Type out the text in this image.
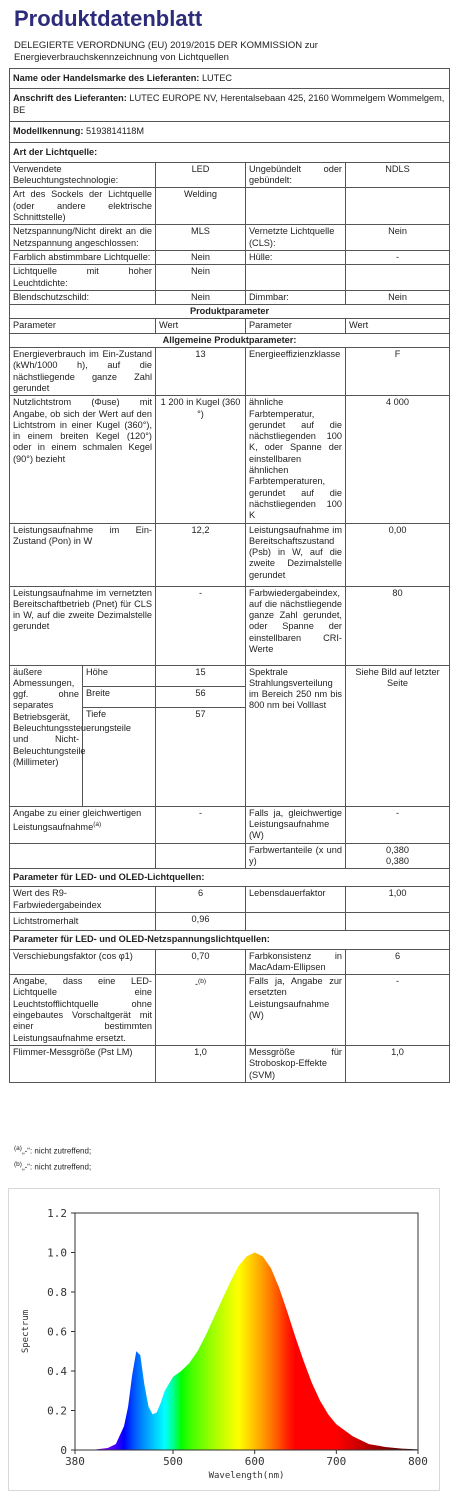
Produktdatenblatt
DELEGIERTE VERORDNUNG (EU) 2019/2015 DER KOMMISSION zur Energieverbrauchskennzeichnung von Lichtquellen
Name oder Handelsmarke des Lieferanten: LUTEC				
Anschrift des Lieferanten: LUTEC EUROPE NV, Herentalsebaan 425, 2160 Wommelgem Wommelgem, BE				
Modellkennung: 5193814118M				
Art der Lichtquelle:				
Verwendete Beleuchtungstechnologie:		LED	Ungebündelt oder gebündelt:	NDLS
Art des Sockels der Lichtquelle (oder andere elektrische Schnittstelle)		Welding		
Netzspannung/Nicht direkt an die Netzspannung angeschlossen:		MLS	Vernetzte Lichtquelle (CLS):	Nein
Farblich abstimmbare Lichtquelle:		Nein	Hülle:	-
Lichtquelle mit hoher Leuchtdichte:		Nein		
Blendschutzschild:		Nein	Dimmbar:	Nein
Produktparameter				
Parameter		Wert	Parameter	Wert
Allgemeine Produktparameter:				
Energieverbrauch im Ein-Zustand (kWh/1000 h), auf die nächstliegende ganze Zahl gerundet		13	Energieeffizienzklasse	F
Nutzlichtstrom (Φuse) mit Angabe, ob sich der Wert auf den Lichtstrom in einer Kugel (360°), in einem breiten Kegel (120°) oder in einem schmalen Kegel (90°) bezieht		1 200 in Kugel (360 °)	ähnliche Farbtemperatur, gerundet auf die nächstliegenden 100 K, oder Spanne der einstellbaren ähnlichen Farbtemperaturen, gerundet auf die nächstliegenden 100 K	4 000
Leistungsaufnahme im Ein-Zustand (Pon) in W		12,2	Leistungsaufnahme im Bereitschaftszustand (Psb) in W, auf die zweite Dezimalstelle gerundet	0,00
Leistungsaufnahme im vernetzten Bereitschaftbetrieb (Pnet) für CLS in W, auf die zweite Dezimalstelle gerundet		-	Farbwiedergabeindex, auf die nächstliegende ganze Zahl gerundet, oder Spanne der einstellbaren CRI-Werte	80
äußere Abmessungen, ggf. ohne separates Betriebsgerät, Beleuchtungssteuerungsteile und Nicht-Beleuchtungsteile (Millimeter)	Höhe	15	Spektrale Strahlungsverteilung im Bereich 250 nm bis 800 nm bei Volllast	Siehe Bild auf letzter Seite
	Breite	56		
	Tiefe	57		
Angabe zu einer gleichwertigen Leistungsaufnahme$^{(a)}$		-	Falls ja, gleichwertige Leistungsaufnahme (W)	-
			Farbwertanteile (x und y)	0,380
0,380

Parameter für LED- und OLED-Lichtquellen:				
Wert des R9-Farbwiedergabeindex		6	Lebensdauerfaktor	1,00
Lichtstromerhalt		0,96		
Parameter für LED- und OLED-Netzspannungslichtquellen:				
Verschiebungsfaktor (cos φ1)		0,70	Farbkonsistenz in MacAdam-Ellipsen	6
Angabe, dass eine LED-Lichtquelle eine Leuchtstofflichtquelle ohne eingebautes Vorschaltgerät mit einer bestimmten Leistungsaufnahme ersetzt.		-$^{(b)}$	Falls ja, Angabe zur ersetzten Leistungsaufnahme (W)	-
Flimmer-Messgröße (Pst LM)		1,0	Messgröße für Stroboskop-Effekte (SVM)	1,0
$^{(a)}$„-“: nicht zutreffend;
$^{(b)}$„-“: nicht zutreffend;
0
0.2
0.4
0.6
0.8
1.0
1.2
380	500	600	700	800
Wavelength(nm)
Spectrum
